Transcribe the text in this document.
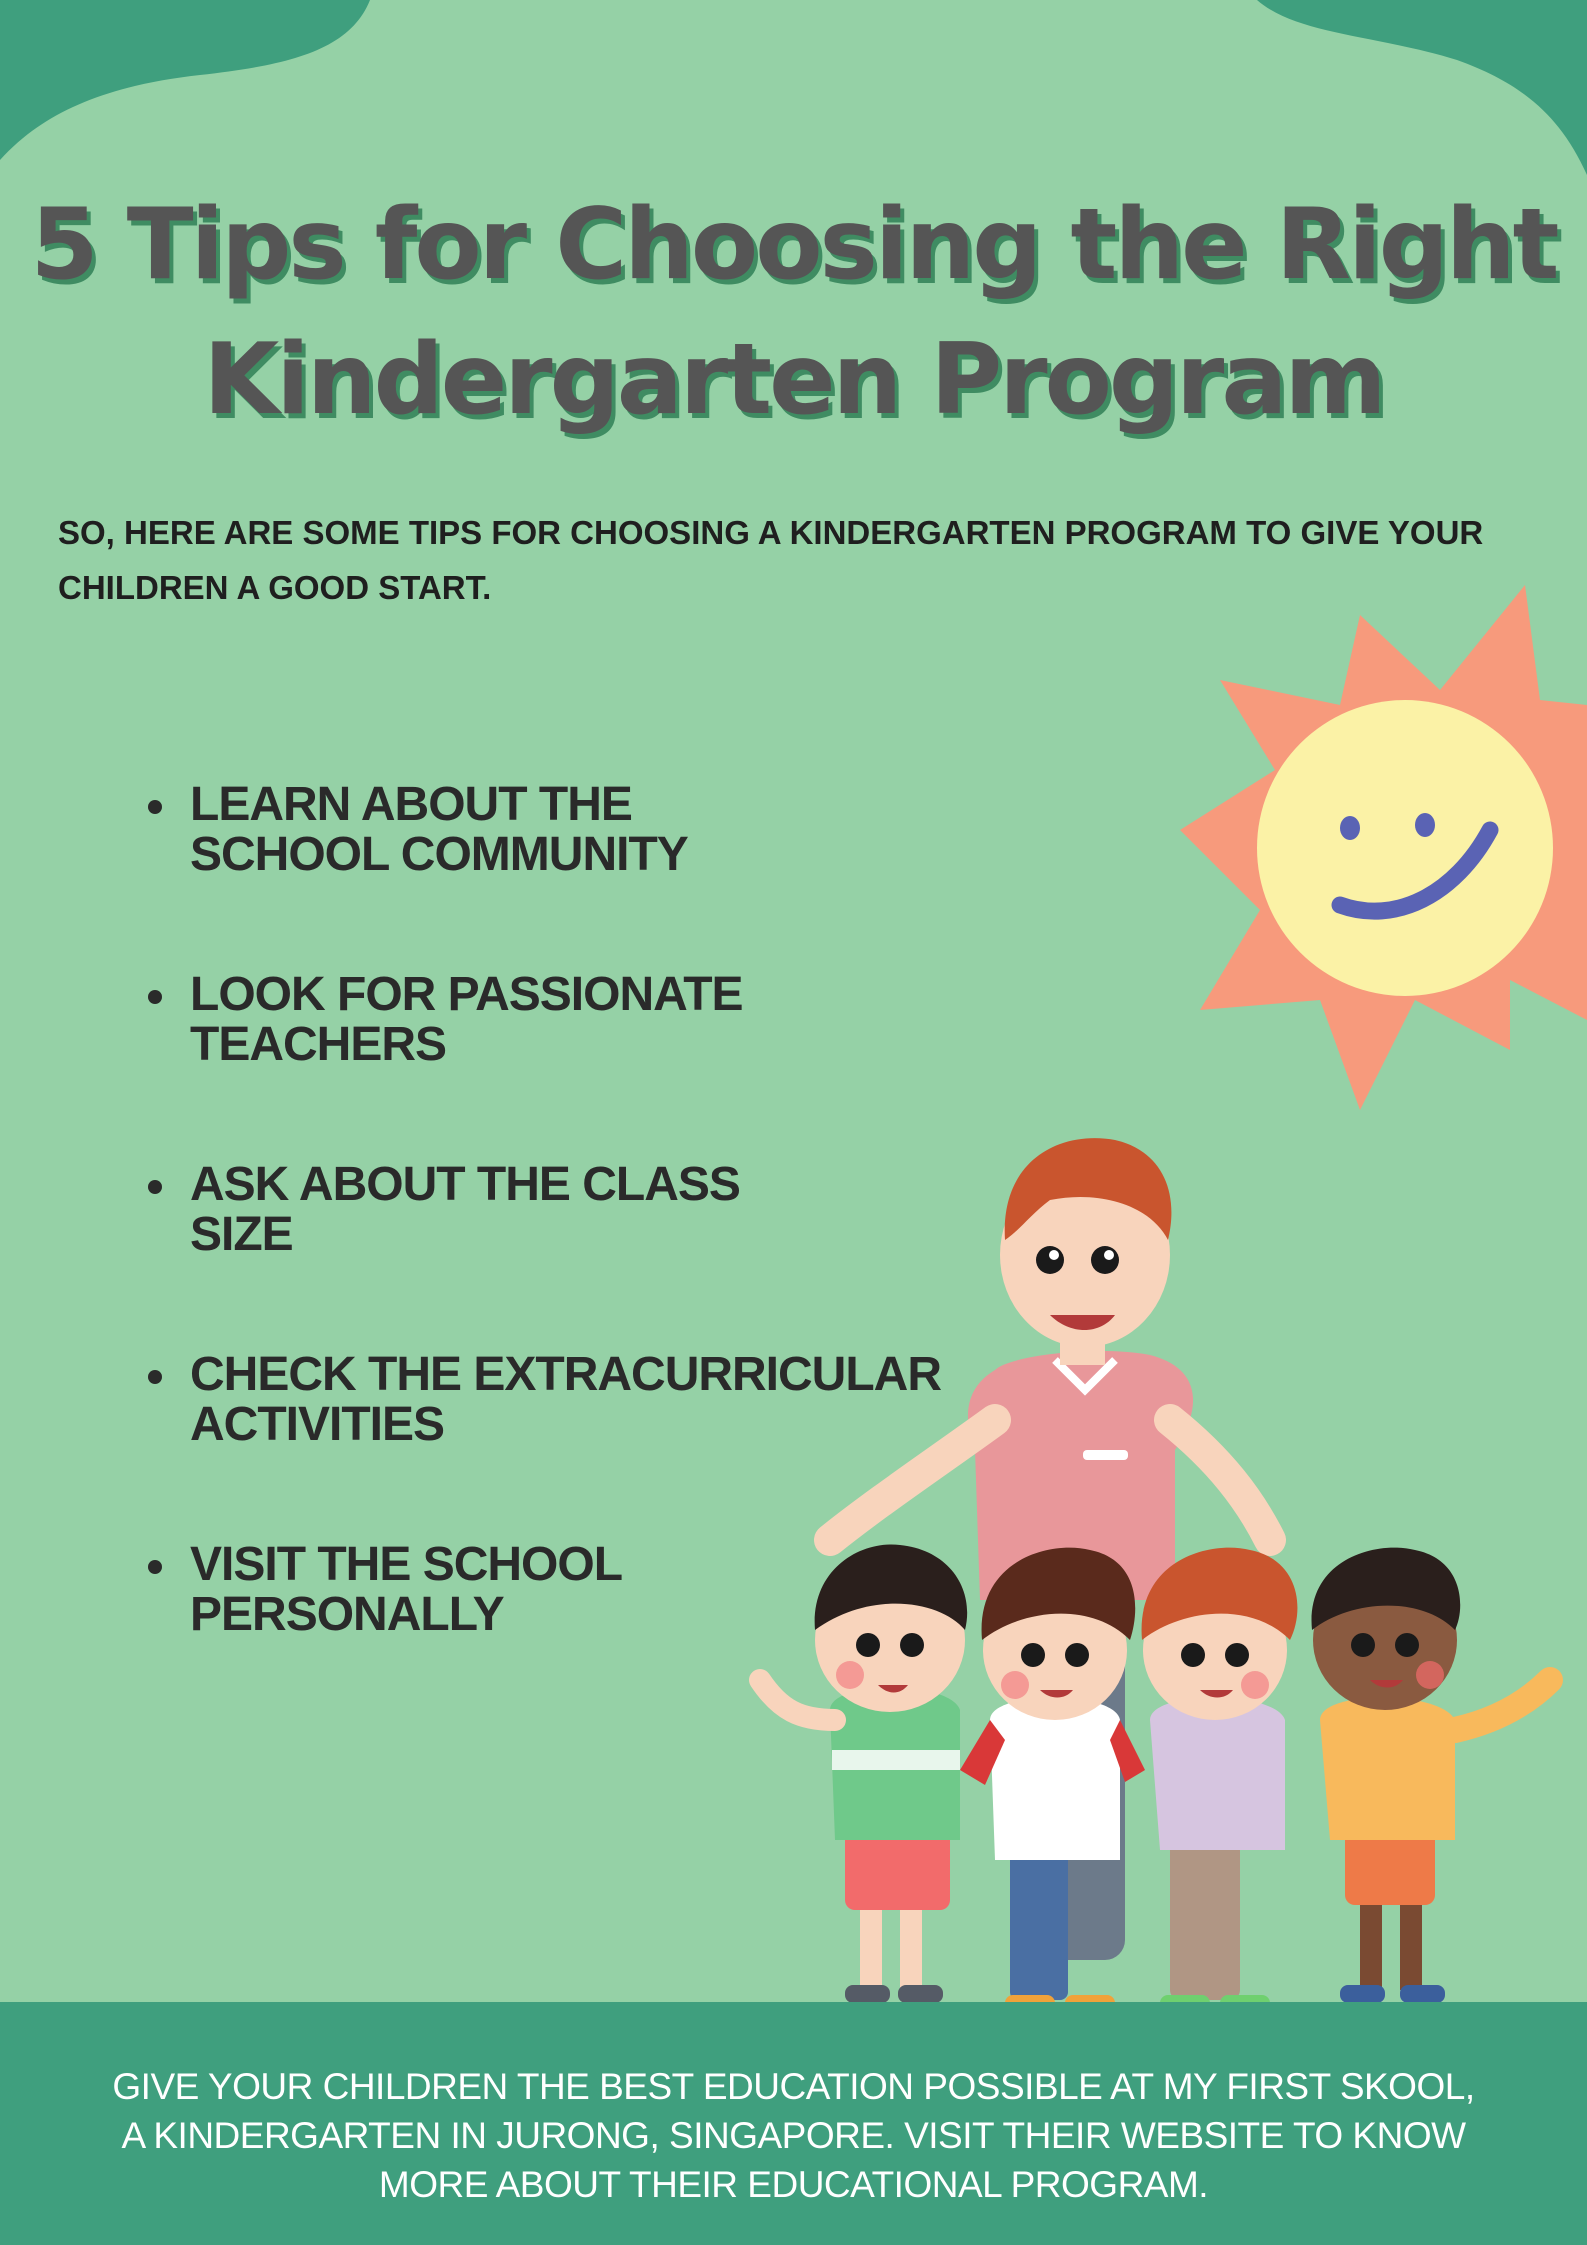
5 Tips for Choosing the Right
Kindergarten Program

SO, HERE ARE SOME TIPS FOR CHOOSING A KINDERGARTEN PROGRAM TO GIVE YOUR
CHILDREN A GOOD START.

LEARN ABOUT THE
SCHOOL COMMUNITY
LOOK FOR PASSIONATE
TEACHERS
ASK ABOUT THE CLASS
SIZE
CHECK THE EXTRACURRICULAR
ACTIVITIES
VISIT THE SCHOOL
PERSONALLY

GIVE YOUR CHILDREN THE BEST EDUCATION POSSIBLE AT MY FIRST SKOOL,
A KINDERGARTEN IN JURONG, SINGAPORE. VISIT THEIR WEBSITE TO KNOW
MORE ABOUT THEIR EDUCATIONAL PROGRAM.
